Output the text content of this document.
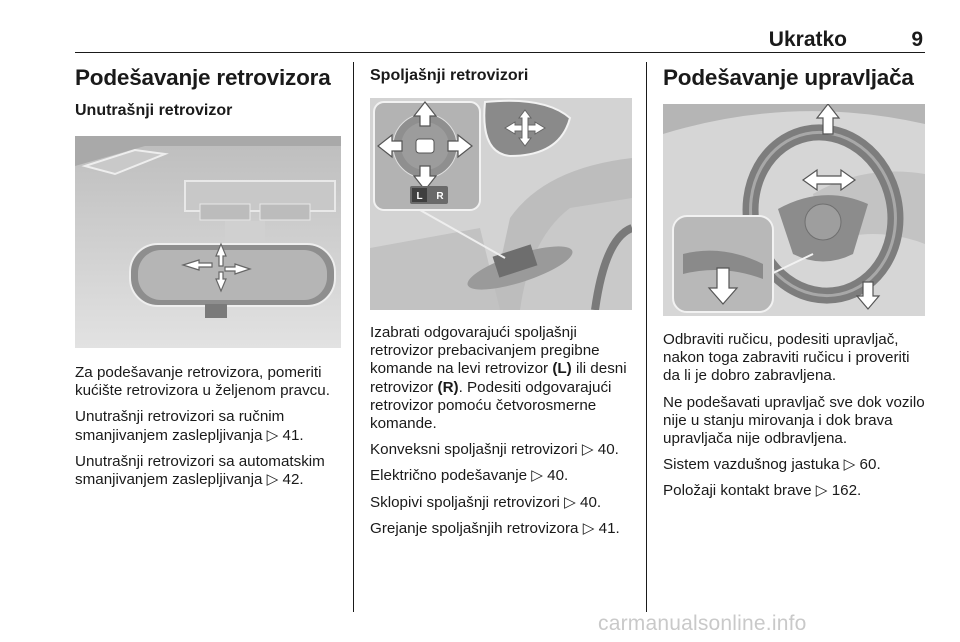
Ukratko	9
Podešavanje retrovizora
Unutrašnji retrovizor

Za podešavanje retrovizora, pomeriti kućište retrovizora u željenom pravcu.

Unutrašnji retrovizori sa ručnim smanjivanjem zaslepljivanja ▷ 41.

Unutrašnji retrovizori sa automatskim smanjivanjem zaslepljivanja ▷ 42.

Spoljašnji retrovizori
L R

Izabrati odgovarajući spoljašnji retrovizor prebacivanjem pregibne komande na levi retrovizor (L) ili desni retrovizor (R). Podesiti odgovarajući retrovizor pomoću četvorosmerne komande.

Konveksni spoljašnji retrovizori ▷ 40.

Električno podešavanje ▷ 40.

Sklopivi spoljašnji retrovizori ▷ 40.

Grejanje spoljašnjih retrovizora ▷ 41.

Podešavanje upravljača

Odbraviti ručicu, podesiti upravljač, nakon toga zabraviti ručicu i proveriti da li je dobro zabravljena.

Ne podešavati upravljač sve dok vozilo nije u stanju mirovanja i dok brava upravljača nije odbravljena.

Sistem vazdušnog jastuka ▷ 60.

Položaji kontakt brave ▷ 162.

carmanualsonline.info
